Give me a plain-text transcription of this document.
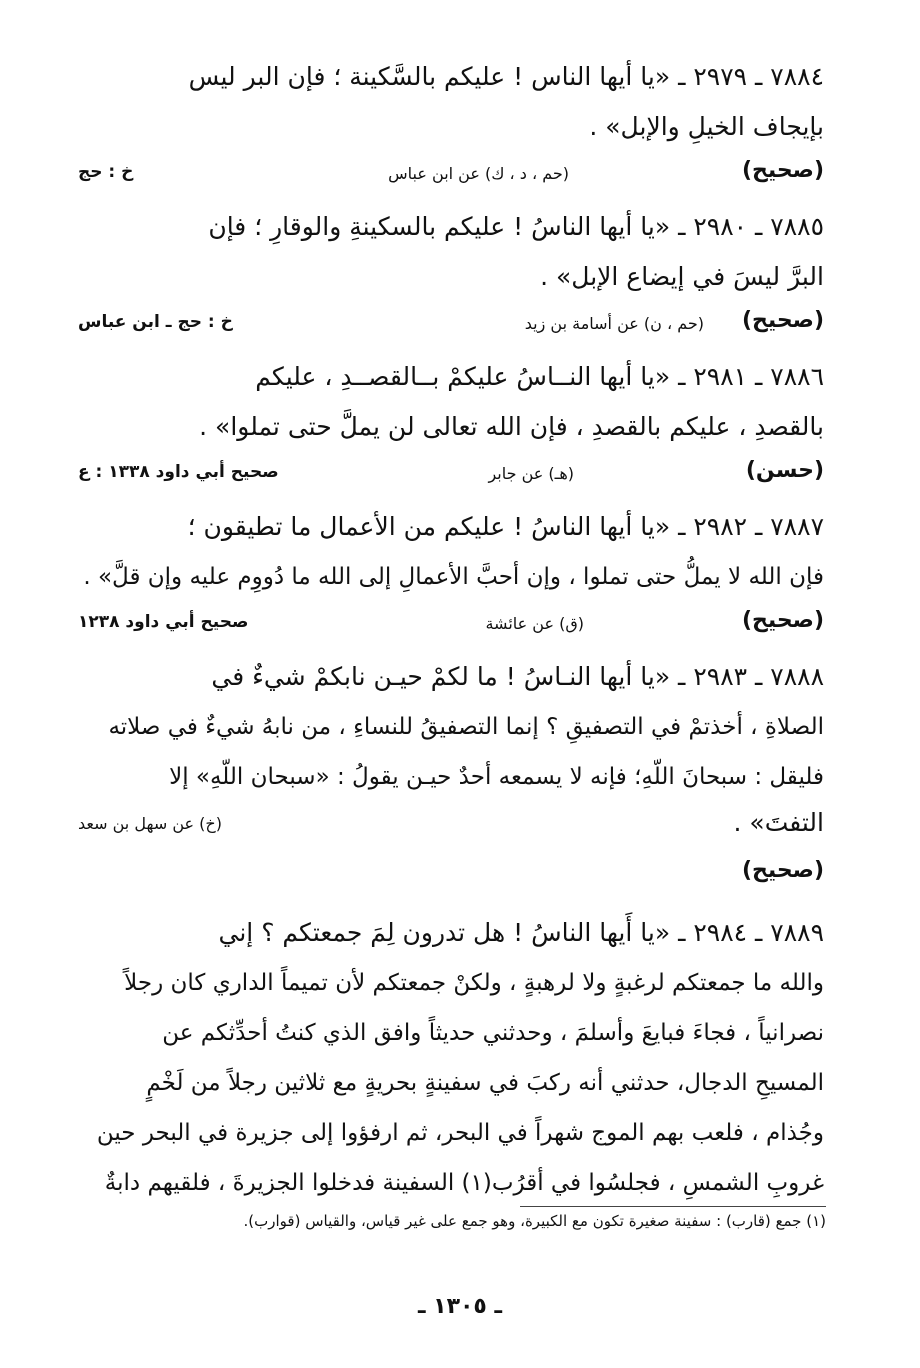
٧٨٨٤ ـ ٢٩٧٩ ـ «يا أيها الناس ! عليكم بالسَّكينة ؛ فإن البر ليس

بإيجاف الخيلِ والإبل» .

(صحيح)
(حم ، د ، ك) عن ابن عباس
خ : حج

٧٨٨٥ ـ ٢٩٨٠ ـ «يا أيها الناسُ ! عليكم بالسكينةِ والوقارِ ؛ فإن

البرَّ ليسَ في إيضاع الإبل» .

(صحيح)
(حم ، ن) عن أسامة بن زيد
خ : حج ـ ابن عباس

٧٨٨٦ ـ ٢٩٨١ ـ «يا أيها النــاسُ عليكمْ بــالقصــدِ ، عليكم

بالقصدِ ، عليكم بالقصدِ ، فإن الله تعالى لن يملَّ حتى تملوا» .

(حسن)
(هـ) عن جابر
صحيح أبي داود ١٣٣٨ : ع

٧٨٨٧ ـ ٢٩٨٢ ـ «يا أيها الناسُ ! عليكم من الأعمال ما تطيقون ؛

فإن الله لا يملُّ حتى تملوا ، وإن أحبَّ الأعمالِ إلى الله ما دُووِم عليه وإن قلَّ» .

(صحيح)
(ق) عن عائشة
صحيح أبي داود ١٢٣٨

٧٨٨٨ ـ ٢٩٨٣ ـ «يا أيها النـاسُ ! ما لكمْ حيـن نابكمْ شيءٌ في

الصلاةِ ، أخذتمْ في التصفيقِ ؟ إنما التصفيقُ للنساءِ ، من نابهُ شيءٌ في صلاته

فليقل : سبحانَ اللّهِ؛ فإنه لا يسمعه أحدٌ حيـن يقولُ : «سبحان اللّهِ» إلا

التفتَ» .
(خ) عن سهل بن سعد
(صحيح)

٧٨٨٩ ـ ٢٩٨٤ ـ «يا أَيها الناسُ ! هل تدرون لِمَ جمعتكم ؟ إني

والله ما جمعتكم لرغبةٍ ولا لرهبةٍ ، ولكنْ جمعتكم لأن تميماً الداري كان رجلاً

نصرانياً ، فجاءَ فبايعَ وأسلمَ ، وحدثني حديثاً وافق الذي كنتُ أحدِّثكم عن

المسيحِ الدجال، حدثني أنه ركبَ في سفينةٍ بحريةٍ مع ثلاثين رجلاً من لَخْمٍ

وجُذام ، فلعب بهم الموج شهراً في البحر، ثم ارفؤوا إلى جزيرة في البحر حين

غروبِ الشمسِ ، فجلسُوا في أقرُب(١) السفينة فدخلوا الجزيرةَ ، فلقيهم دابةٌ

(١) جمع (قارب) : سفينة صغيرة تكون مع الكبيرة، وهو جمع على غير قياس، والقياس (قوارب).
ـ ١٣٠٥ ـ
